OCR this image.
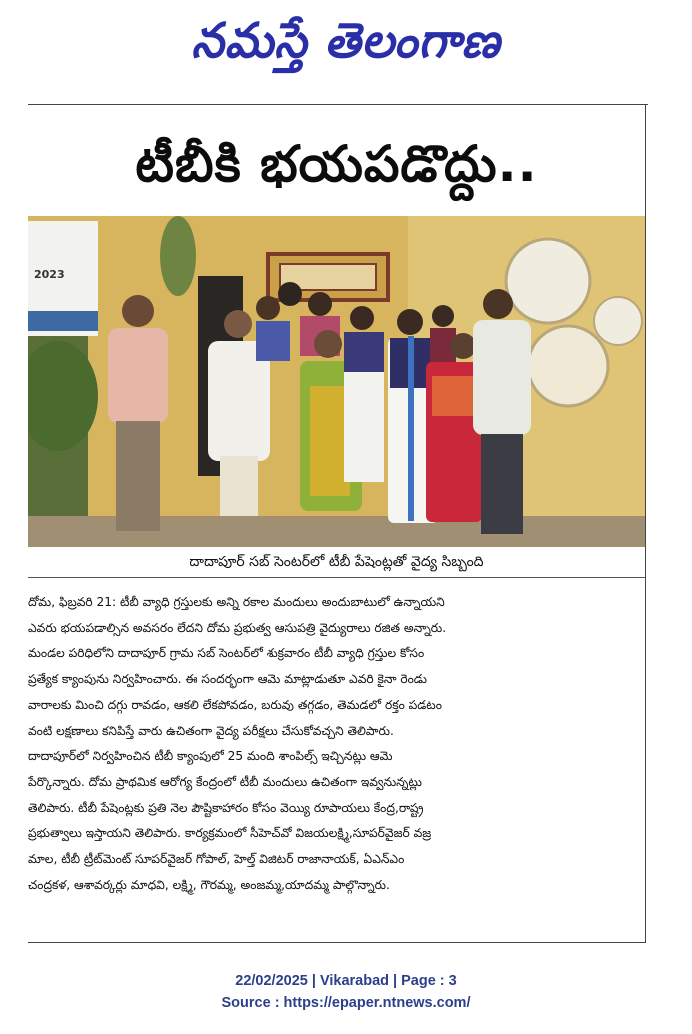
నమస్తే తెలంగాణ
టీబీకి భయపడొద్దు..
2023
దాదాపూర్ సబ్ సెంటర్‌లో టీబీ పేషెంట్లతో వైద్య సిబ్బంది
దోమ, ఫిబ్రవరి 21: టీబీ వ్యాధి గ్రస్తులకు అన్ని రకాల మందులు అందుబాటులో ఉన్నాయని
ఎవరు భయపడాల్సిన అవసరం లేదని దోమ ప్రభుత్వ ఆసుపత్రి వైద్యురాలు రజిత అన్నారు.
మండల పరిధిలోని దాదాపూర్ గ్రామ సబ్ సెంటర్‌లో శుక్రవారం టీబీ వ్యాధి గ్రస్తుల కోసం
ప్రత్యేక క్యాంపును నిర్వహించారు. ఈ సందర్భంగా ఆమె మాట్లాడుతూ ఎవరి కైనా రెండు
వారాలకు మించి దగ్గు రావడం, ఆకలి లేకపోవడం, బరువు తగ్గడం, తెమడలో రక్తం పడటం
వంటి లక్షణాలు కనిపిస్తే వారు ఉచితంగా వైద్య పరీక్షలు చేసుకోవచ్చని తెలిపారు.
దాదాపూర్‌లో నిర్వహించిన టీబీ క్యాంపులో 25 మంది శాంపిల్స్ ఇచ్చినట్లు ఆమె
పేర్కొన్నారు. దోమ ప్రాథమిక ఆరోగ్య కేంద్రంలో టీబీ మందులు ఉచితంగా ఇవ్వనున్నట్లు
తెలిపారు. టీబీ పేషెంట్లకు ప్రతి నెల పౌష్టికాహారం కోసం వెయ్యి రూపాయలు కేంద్ర,రాష్ట్ర
ప్రభుత్వాలు ఇస్తాయని తెలిపారు. కార్యక్రమంలో సీహెచ్‌వో విజయలక్ష్మి,సూపర్‌వైజర్ వజ్ర
మాల, టీబీ ట్రీట్‌మెంట్ సూపర్‌వైజర్ గోపాల్, హెల్త్ విజిటర్ రాజానాయక్, ఏఎన్ఎం
చంద్రకళ, ఆశావర్కర్లు మాధవి, లక్ష్మి, గౌరమ్మ, అంజమ్మ,యాదమ్మ పాల్గొన్నారు.
22/02/2025 | Vikarabad | Page : 3
Source : https://epaper.ntnews.com/
